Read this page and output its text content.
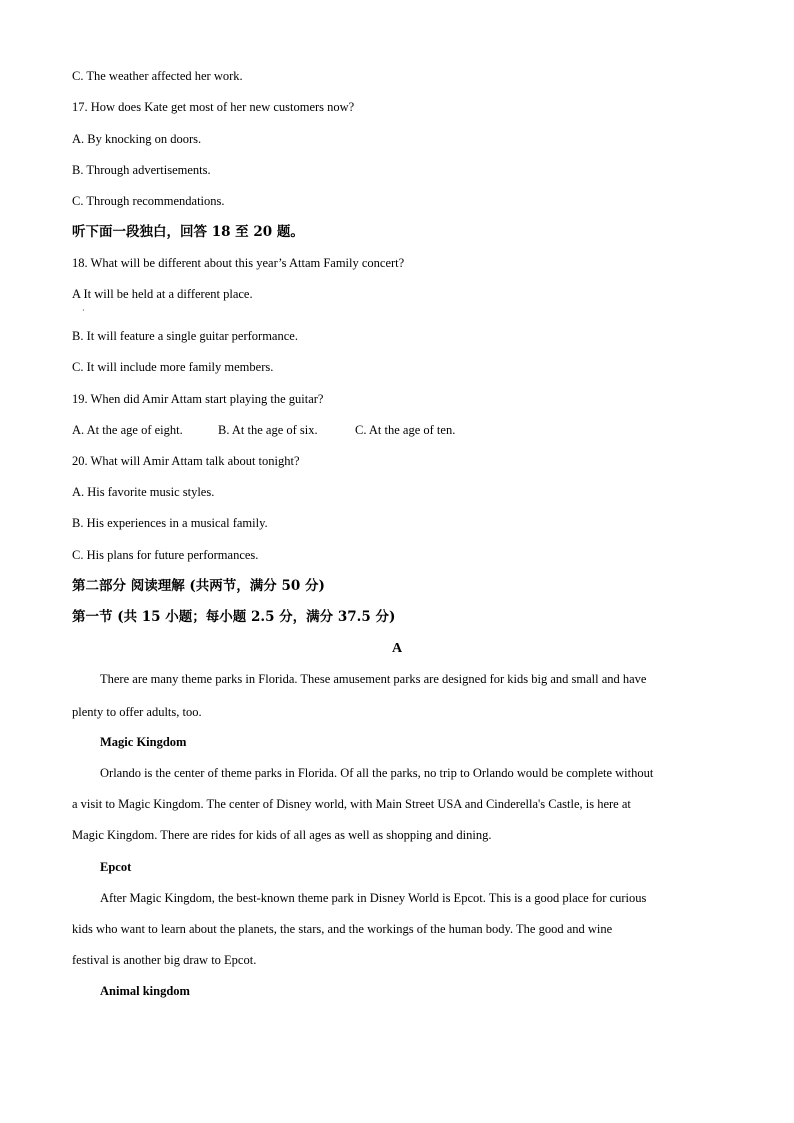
C. The weather affected her work.
17. How does Kate get most of her new customers now?
A. By knocking on doors.
B. Through advertisements.
C. Through recommendations.
听下面一段独白，回答 18 至 20 题。
18. What will be different about this year’s Attam Family concert?
A It will be held at a different place.
·
B. It will feature a single guitar performance.
C. It will include more family members.
19. When did Amir Attam start playing the guitar?
A. At the age of eight.	B. At the age of six.	C. At the age of ten.
20. What will Amir Attam talk about tonight?
A. His favorite music styles.
B. His experiences in a musical family.
C. His plans for future performances.
第二部分 阅读理解 (共两节，满分 50 分)
第一节 (共 15 小题；每小题 2.5 分，满分 37.5 分)
A
There are many theme parks in Florida. These amusement parks are designed for kids big and small and have
plenty to offer adults, too.
Magic Kingdom
Orlando is the center of theme parks in Florida. Of all the parks, no trip to Orlando would be complete without
a visit to Magic Kingdom. The center of Disney world, with Main Street USA and Cinderella's Castle, is here at
Magic Kingdom. There are rides for kids of all ages as well as shopping and dining.
Epcot
After Magic Kingdom, the best-known theme park in Disney World is Epcot. This is a good place for curious
kids who want to learn about the planets, the stars, and the workings of the human body. The good and wine
festival is another big draw to Epcot.
Animal kingdom
